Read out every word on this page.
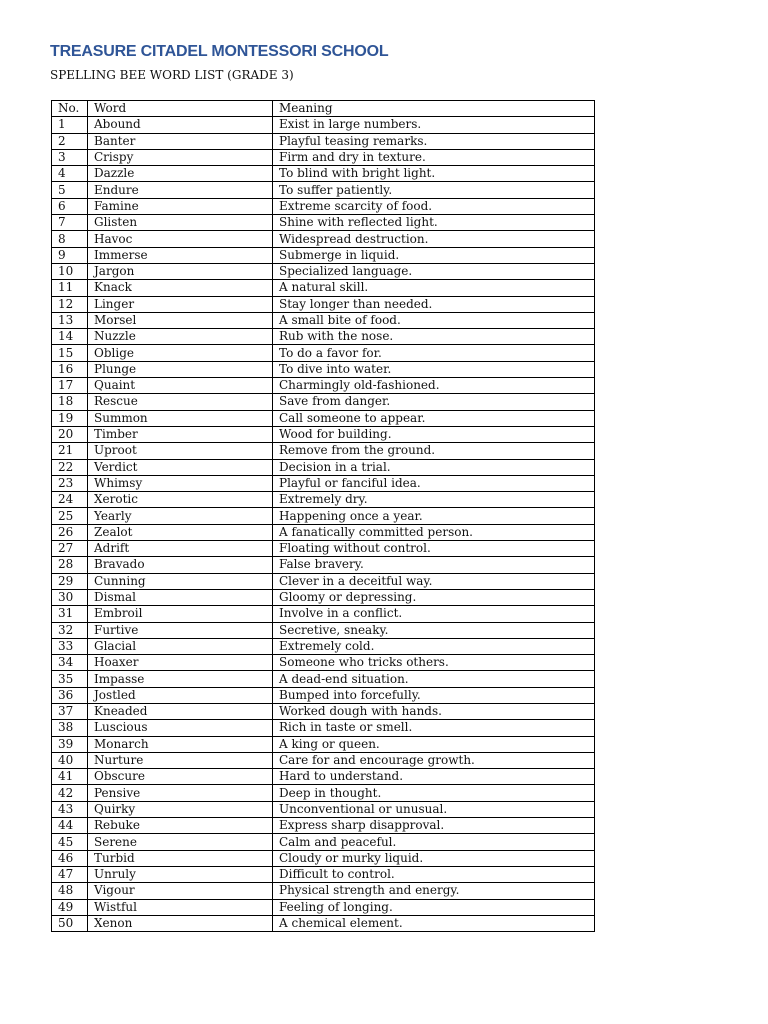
TREASURE CITADEL MONTESSORI SCHOOL
SPELLING BEE WORD LIST (GRADE 3)
No.	Word	Meaning
1	Abound	Exist in large numbers.
2	Banter	Playful teasing remarks.
3	Crispy	Firm and dry in texture.
4	Dazzle	To blind with bright light.
5	Endure	To suffer patiently.
6	Famine	Extreme scarcity of food.
7	Glisten	Shine with reflected light.
8	Havoc	Widespread destruction.
9	Immerse	Submerge in liquid.
10	Jargon	Specialized language.
11	Knack	A natural skill.
12	Linger	Stay longer than needed.
13	Morsel	A small bite of food.
14	Nuzzle	Rub with the nose.
15	Oblige	To do a favor for.
16	Plunge	To dive into water.
17	Quaint	Charmingly old-fashioned.
18	Rescue	Save from danger.
19	Summon	Call someone to appear.
20	Timber	Wood for building.
21	Uproot	Remove from the ground.
22	Verdict	Decision in a trial.
23	Whimsy	Playful or fanciful idea.
24	Xerotic	Extremely dry.
25	Yearly	Happening once a year.
26	Zealot	A fanatically committed person.
27	Adrift	Floating without control.
28	Bravado	False bravery.
29	Cunning	Clever in a deceitful way.
30	Dismal	Gloomy or depressing.
31	Embroil	Involve in a conflict.
32	Furtive	Secretive, sneaky.
33	Glacial	Extremely cold.
34	Hoaxer	Someone who tricks others.
35	Impasse	A dead-end situation.
36	Jostled	Bumped into forcefully.
37	Kneaded	Worked dough with hands.
38	Luscious	Rich in taste or smell.
39	Monarch	A king or queen.
40	Nurture	Care for and encourage growth.
41	Obscure	Hard to understand.
42	Pensive	Deep in thought.
43	Quirky	Unconventional or unusual.
44	Rebuke	Express sharp disapproval.
45	Serene	Calm and peaceful.
46	Turbid	Cloudy or murky liquid.
47	Unruly	Difficult to control.
48	Vigour	Physical strength and energy.
49	Wistful	Feeling of longing.
50	Xenon	A chemical element.
